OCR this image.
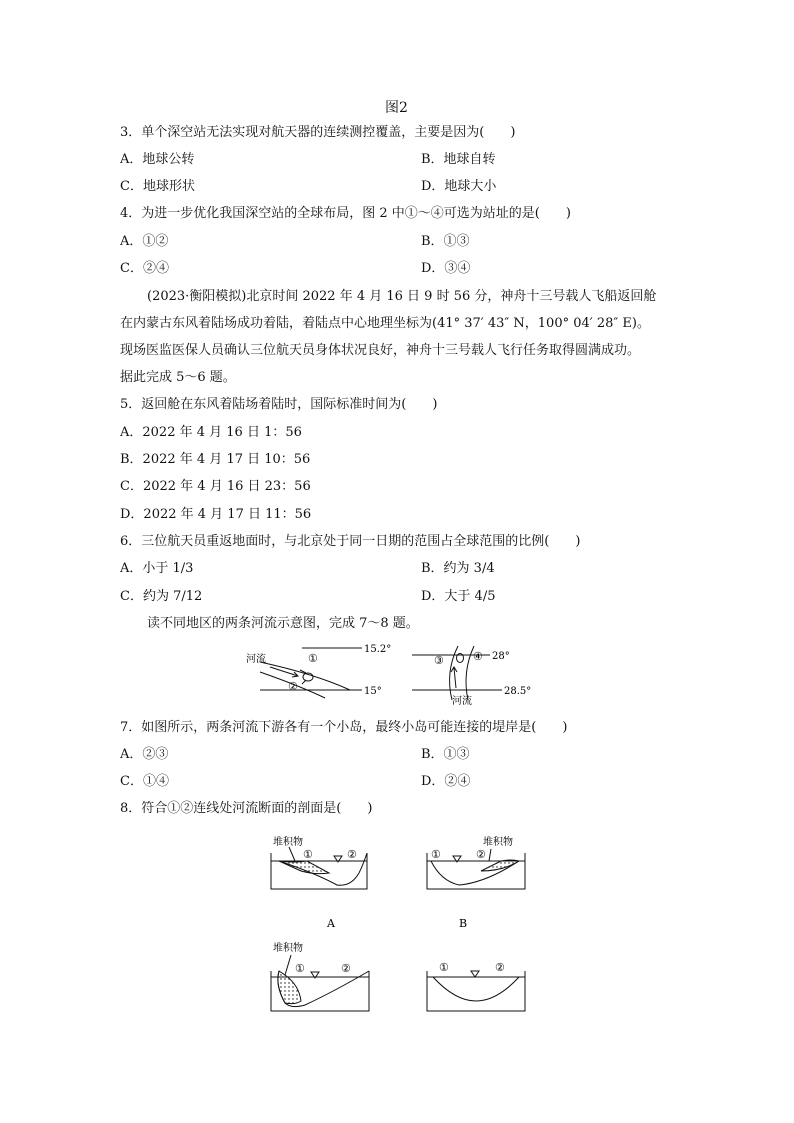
图2
3．单个深空站无法实现对航天器的连续测控覆盖，主要是因为(　　)
A．地球公转	B．地球自转
C．地球形状	D．地球大小
4．为进一步优化我国深空站的全球布局，图 2 中①～④可选为站址的是(　　)
A．①②	B．①③
C．②④	D．③④
(2023·衡阳模拟)北京时间 2022 年 4 月 16 日 9 时 56 分，神舟十三号载人飞船返回舱
在内蒙古东风着陆场成功着陆，着陆点中心地理坐标为(41° 37′ 43″ N，100° 04′ 28″ E)。
现场医监医保人员确认三位航天员身体状况良好，神舟十三号载人飞行任务取得圆满成功。
据此完成 5～6 题。
5．返回舱在东风着陆场着陆时，国际标准时间为(　　)
A．2022 年 4 月 16 日 1：56
B．2022 年 4 月 17 日 10：56
C．2022 年 4 月 16 日 23：56
D．2022 年 4 月 17 日 11：56
6．三位航天员重返地面时，与北京处于同一日期的范围占全球范围的比例(　　)
A．小于 1/3	B．约为 3/4
C．约为 7/12	D．大于 4/5
读不同地区的两条河流示意图，完成 7～8 题。
河流
15.2°
15°
①
②
河流
28°
28.5°
③	④
7．如图所示，两条河流下游各有一个小岛，最终小岛可能连接的堤岸是(　　)
A．②③	B．①③
C．①④	D．②④
8．符合①②连线处河流断面的剖面是(　　)
堆积物
①	②
A
堆积物
①	②
B
堆积物
①	②	①	②
